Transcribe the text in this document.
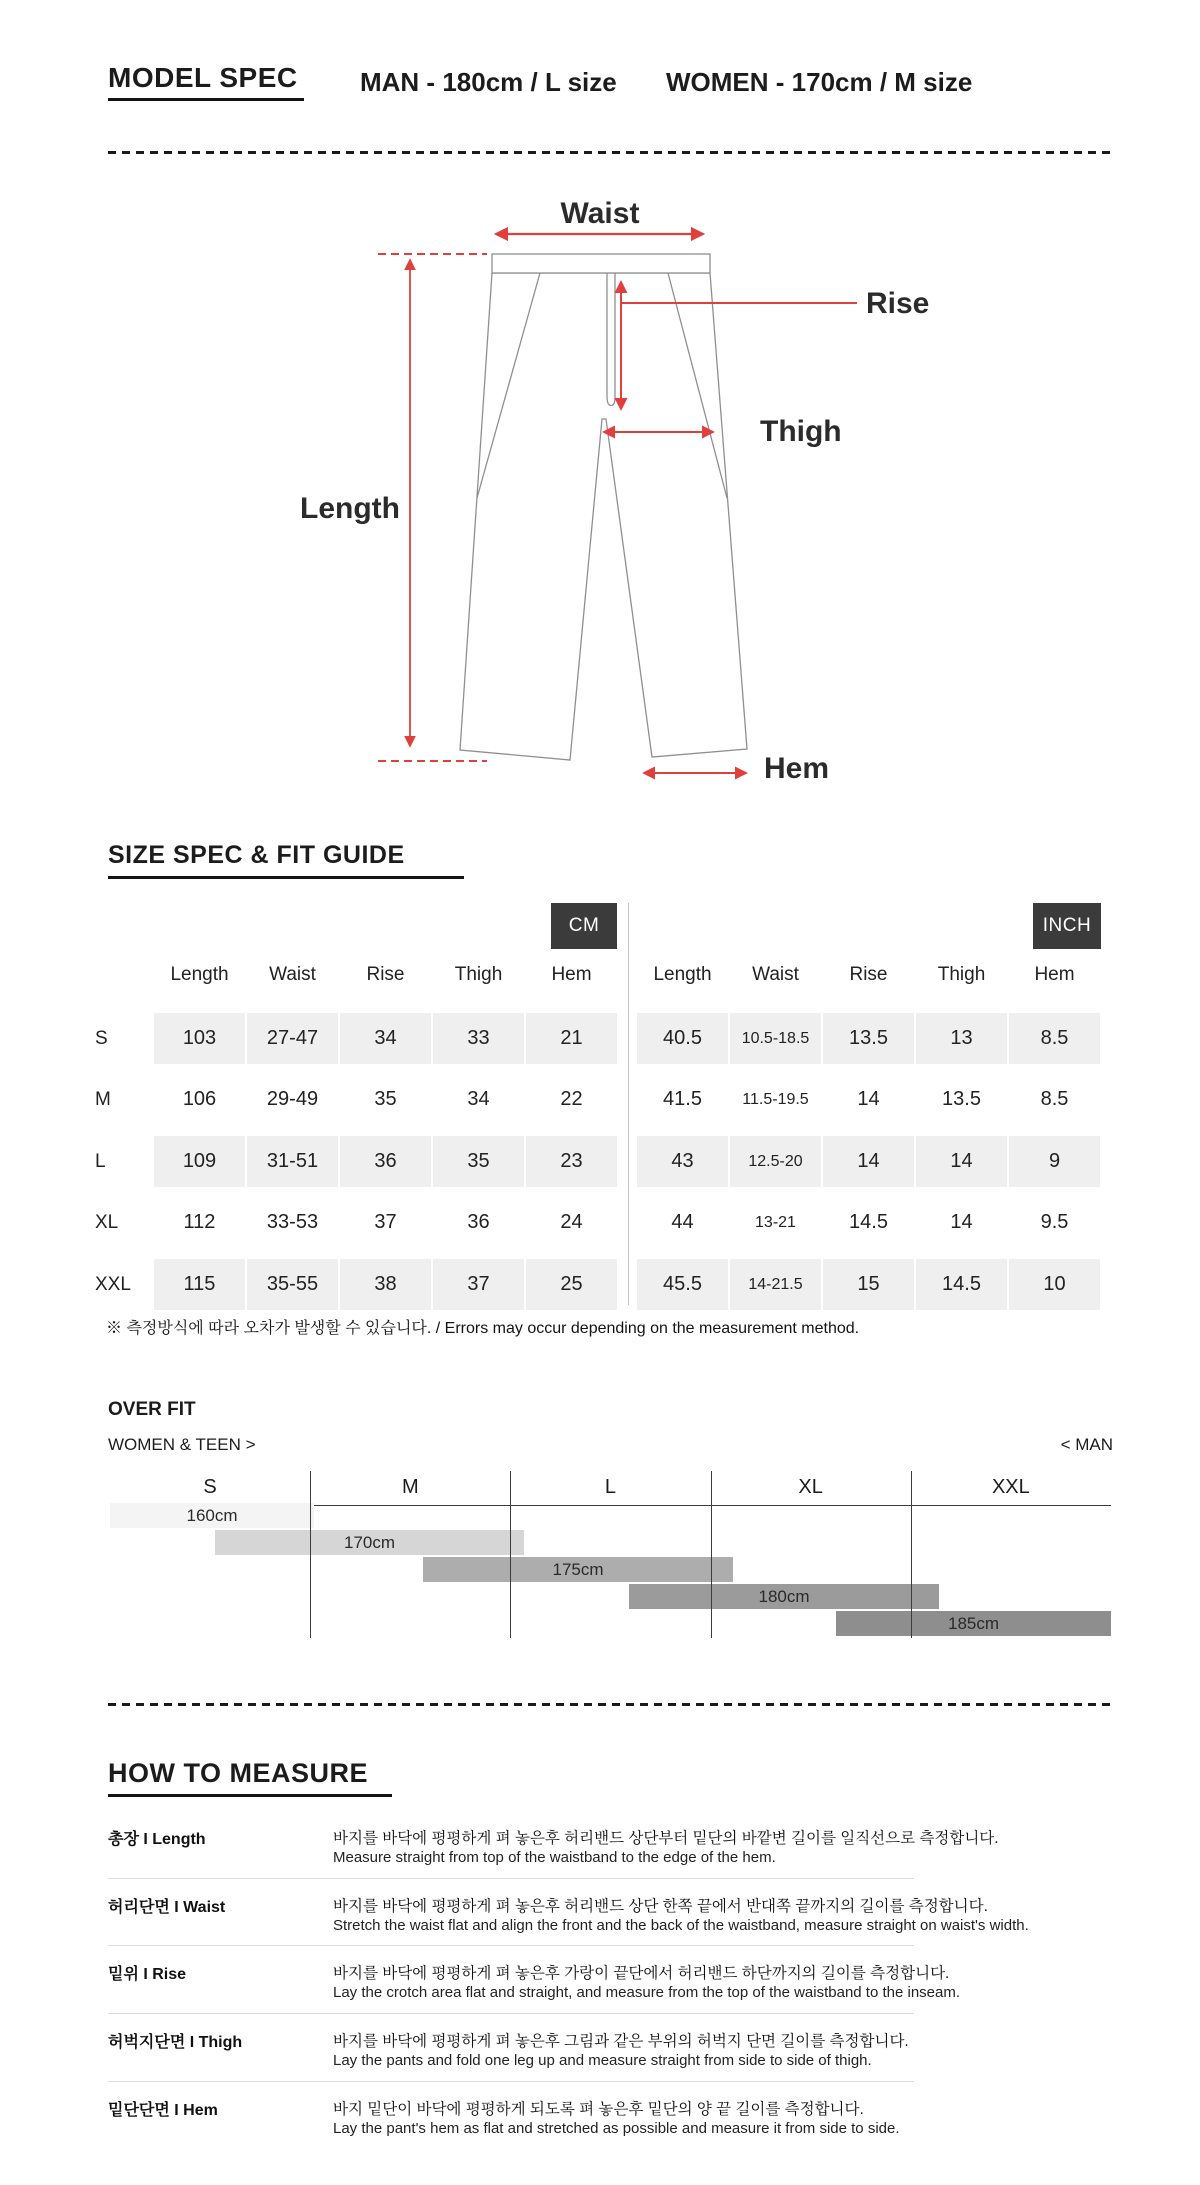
MODEL SPEC MAN - 180cm / L size WOMEN - 170cm / M size
Waist
Rise
Thigh
Length
Hem
SIZE SPEC & FIT GUIDE
CM	INCH
Length	Waist	Rise	Thigh	Hem
S	103	27-47	34	33	21
M	106	29-49	35	34	22
L	109	31-51	36	35	23
XL	112	33-53	37	36	24
XXL	115	35-55	38	37	25
Length	Waist	Rise	Thigh	Hem
40.5	10.5-18.5	13.5	13	8.5
41.5	11.5-19.5	14	13.5	8.5
43	12.5-20	14	14	9
44	13-21	14.5	14	9.5
45.5	14-21.5	15	14.5	10
※ 측정방식에 따라 오차가 발생할 수 있습니다. / Errors may occur depending on the measurement method.
OVER FIT
WOMEN & TEEN >	< MAN
S	M	L	XL	XXL
160cm
170cm
175cm
180cm
185cm
HOW TO MEASURE
총장 I Length	바지를 바닥에 평평하게 펴 놓은후 허리밴드 상단부터 밑단의 바깥변 길이를 일직선으로 측정합니다.
Measure straight from top of the waistband to the edge of the hem.
허리단면 I Waist	바지를 바닥에 평평하게 펴 놓은후 허리밴드 상단 한쪽 끝에서 반대쪽 끝까지의 길이를 측정합니다.
Stretch the waist flat and align the front and the back of the waistband, measure straight on waist's width.
밑위 I Rise	바지를 바닥에 평평하게 펴 놓은후 가랑이 끝단에서 허리밴드 하단까지의 길이를 측정합니다.
Lay the crotch area flat and straight, and measure from the top of the waistband to the inseam.
허벅지단면 I Thigh	바지를 바닥에 평평하게 펴 놓은후 그림과 같은 부위의 허벅지 단면 길이를 측정합니다.
Lay the pants and fold one leg up and measure straight from side to side of thigh.
밑단단면 I Hem	바지 밑단이 바닥에 평평하게 되도록 펴 놓은후 밑단의 양 끝 길이를 측정합니다.
Lay the pant's hem as flat and stretched as possible and measure it from side to side.
